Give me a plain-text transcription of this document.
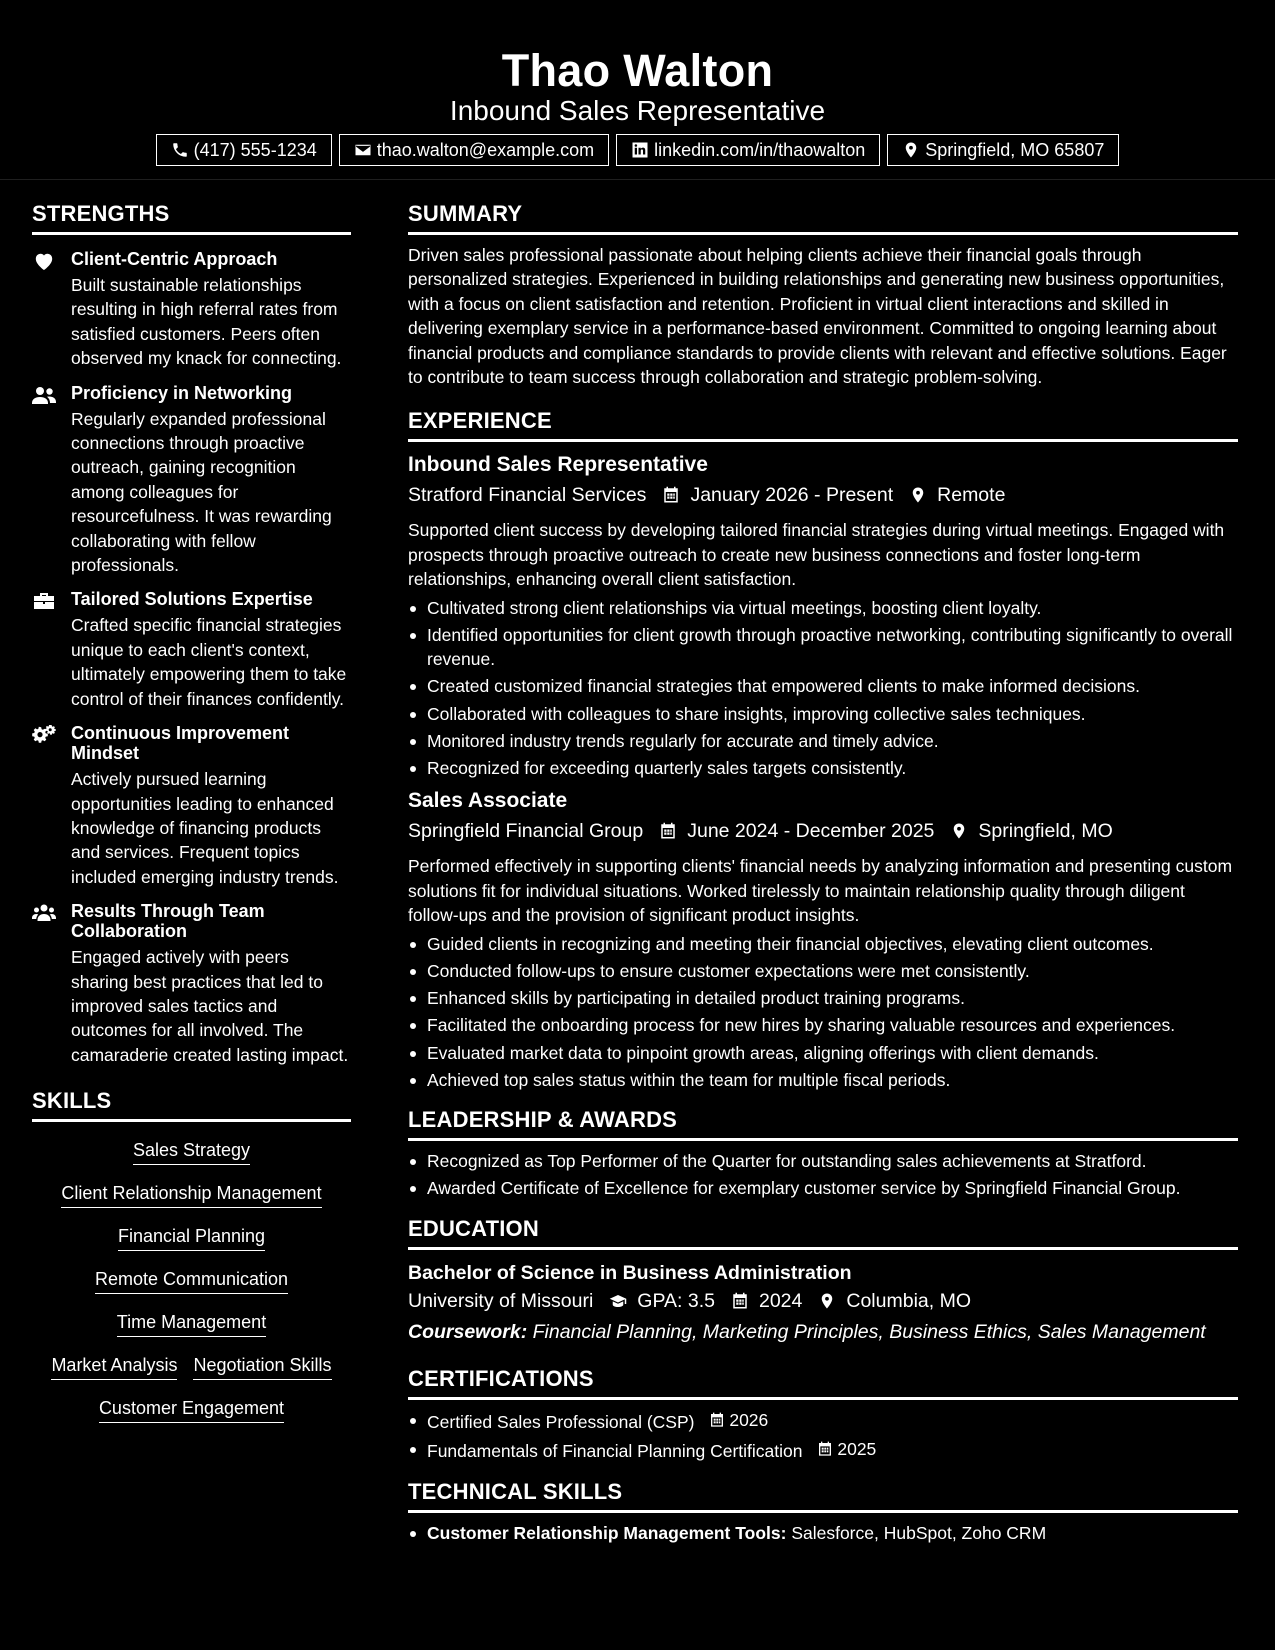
Thao Walton
Inbound Sales Representative
(417) 555-1234	thao.walton@example.com	linkedin.com/in/thaowalton	Springfield, MO 65807
STRENGTHS
Client-Centric Approach
Built sustainable relationships resulting in high referral rates from satisfied customers. Peers often observed my knack for connecting.
Proficiency in Networking
Regularly expanded professional connections through proactive outreach, gaining recognition among colleagues for resourcefulness. It was rewarding collaborating with fellow professionals.
Tailored Solutions Expertise
Crafted specific financial strategies unique to each client's context, ultimately empowering them to take control of their finances confidently.
Continuous Improvement Mindset
Actively pursued learning opportunities leading to enhanced knowledge of financing products and services. Frequent topics included emerging industry trends.
Results Through Team Collaboration
Engaged actively with peers sharing best practices that led to improved sales tactics and outcomes for all involved. The camaraderie created lasting impact.
SKILLS
Sales Strategy
Client Relationship Management
Financial Planning
Remote Communication
Time Management
Market Analysis Negotiation Skills
Customer Engagement
SUMMARY
Driven sales professional passionate about helping clients achieve their financial goals through personalized strategies. Experienced in building relationships and generating new business opportunities, with a focus on client satisfaction and retention. Proficient in virtual client interactions and skilled in delivering exemplary service in a performance-based environment. Committed to ongoing learning about financial products and compliance standards to provide clients with relevant and effective solutions. Eager to contribute to team success through collaboration and strategic problem-solving.
EXPERIENCE
Inbound Sales Representative
Stratford Financial Services January 2026 - Present Remote
Supported client success by developing tailored financial strategies during virtual meetings. Engaged with prospects through proactive outreach to create new business connections and foster long-term relationships, enhancing overall client satisfaction.
Cultivated strong client relationships via virtual meetings, boosting client loyalty.
Identified opportunities for client growth through proactive networking, contributing significantly to overall revenue.
Created customized financial strategies that empowered clients to make informed decisions.
Collaborated with colleagues to share insights, improving collective sales techniques.
Monitored industry trends regularly for accurate and timely advice.
Recognized for exceeding quarterly sales targets consistently.
Sales Associate
Springfield Financial Group June 2024 - December 2025 Springfield, MO
Performed effectively in supporting clients' financial needs by analyzing information and presenting custom solutions fit for individual situations. Worked tirelessly to maintain relationship quality through diligent follow-ups and the provision of significant product insights.
Guided clients in recognizing and meeting their financial objectives, elevating client outcomes.
Conducted follow-ups to ensure customer expectations were met consistently.
Enhanced skills by participating in detailed product training programs.
Facilitated the onboarding process for new hires by sharing valuable resources and experiences.
Evaluated market data to pinpoint growth areas, aligning offerings with client demands.
Achieved top sales status within the team for multiple fiscal periods.
LEADERSHIP & AWARDS
Recognized as Top Performer of the Quarter for outstanding sales achievements at Stratford.
Awarded Certificate of Excellence for exemplary customer service by Springfield Financial Group.
EDUCATION
Bachelor of Science in Business Administration
University of Missouri GPA: 3.5 2024 Columbia, MO
Coursework: Financial Planning, Marketing Principles, Business Ethics, Sales Management
CERTIFICATIONS
Certified Sales Professional (CSP) 2026
Fundamentals of Financial Planning Certification 2025
TECHNICAL SKILLS
Customer Relationship Management Tools: Salesforce, HubSpot, Zoho CRM
